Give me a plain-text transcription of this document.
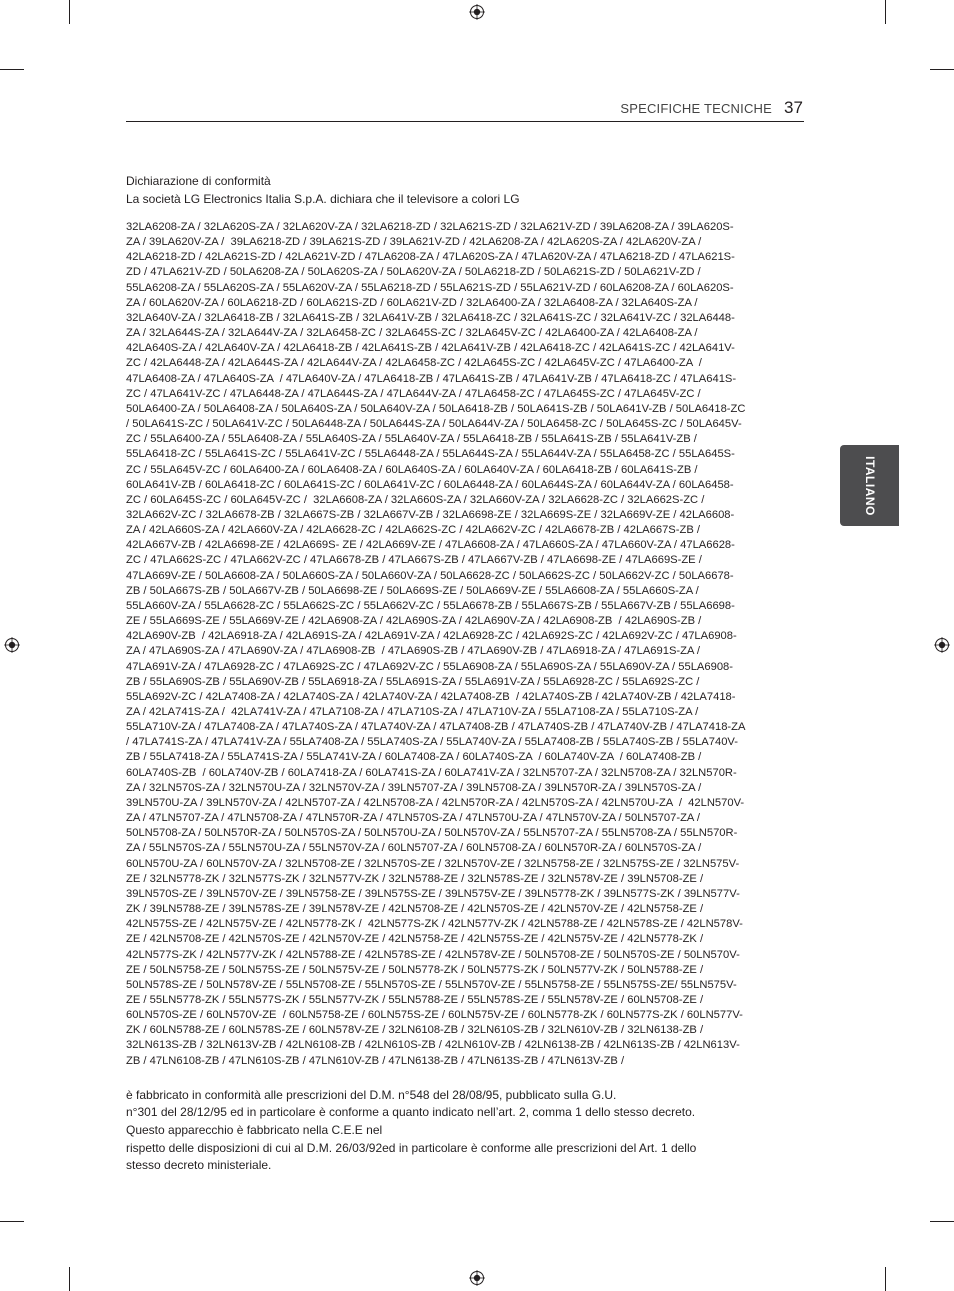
SPECIFICHE TECNICHE 37
ITALIANO
Dichiarazione di conformità
La società LG Electronics Italia S.p.A. dichiara che il televisore a colori LG
32LA6208-ZA / 32LA620S-ZA / 32LA620V-ZA / 32LA6218-ZD / 32LA621S-ZD / 32LA621V-ZD / 39LA6208-ZA / 39LA620S-
ZA / 39LA620V-ZA /  39LA6218-ZD / 39LA621S-ZD / 39LA621V-ZD / 42LA6208-ZA / 42LA620S-ZA / 42LA620V-ZA /
42LA6218-ZD / 42LA621S-ZD / 42LA621V-ZD / 47LA6208-ZA / 47LA620S-ZA / 47LA620V-ZA / 47LA6218-ZD / 47LA621S-
ZD / 47LA621V-ZD / 50LA6208-ZA / 50LA620S-ZA / 50LA620V-ZA / 50LA6218-ZD / 50LA621S-ZD / 50LA621V-ZD /
55LA6208-ZA / 55LA620S-ZA / 55LA620V-ZA / 55LA6218-ZD / 55LA621S-ZD / 55LA621V-ZD / 60LA6208-ZA / 60LA620S-
ZA / 60LA620V-ZA / 60LA6218-ZD / 60LA621S-ZD / 60LA621V-ZD / 32LA6400-ZA / 32LA6408-ZA / 32LA640S-ZA /
32LA640V-ZA / 32LA6418-ZB / 32LA641S-ZB / 32LA641V-ZB / 32LA6418-ZC / 32LA641S-ZC / 32LA641V-ZC / 32LA6448-
ZA / 32LA644S-ZA / 32LA644V-ZA / 32LA6458-ZC / 32LA645S-ZC / 32LA645V-ZC / 42LA6400-ZA / 42LA6408-ZA /
42LA640S-ZA / 42LA640V-ZA / 42LA6418-ZB / 42LA641S-ZB / 42LA641V-ZB / 42LA6418-ZC / 42LA641S-ZC / 42LA641V-
ZC / 42LA6448-ZA / 42LA644S-ZA / 42LA644V-ZA / 42LA6458-ZC / 42LA645S-ZC / 42LA645V-ZC / 47LA6400-ZA  /
47LA6408-ZA / 47LA640S-ZA  / 47LA640V-ZA / 47LA6418-ZB / 47LA641S-ZB / 47LA641V-ZB / 47LA6418-ZC / 47LA641S-
ZC / 47LA641V-ZC / 47LA6448-ZA / 47LA644S-ZA / 47LA644V-ZA / 47LA6458-ZC / 47LA645S-ZC / 47LA645V-ZC /
50LA6400-ZA / 50LA6408-ZA / 50LA640S-ZA / 50LA640V-ZA / 50LA6418-ZB / 50LA641S-ZB / 50LA641V-ZB / 50LA6418-ZC
/ 50LA641S-ZC / 50LA641V-ZC / 50LA6448-ZA / 50LA644S-ZA / 50LA644V-ZA / 50LA6458-ZC / 50LA645S-ZC / 50LA645V-
ZC / 55LA6400-ZA / 55LA6408-ZA / 55LA640S-ZA / 55LA640V-ZA / 55LA6418-ZB / 55LA641S-ZB / 55LA641V-ZB /
55LA6418-ZC / 55LA641S-ZC / 55LA641V-ZC / 55LA6448-ZA / 55LA644S-ZA / 55LA644V-ZA / 55LA6458-ZC / 55LA645S-
ZC / 55LA645V-ZC / 60LA6400-ZA / 60LA6408-ZA / 60LA640S-ZA / 60LA640V-ZA / 60LA6418-ZB / 60LA641S-ZB /
60LA641V-ZB / 60LA6418-ZC / 60LA641S-ZC / 60LA641V-ZC / 60LA6448-ZA / 60LA644S-ZA / 60LA644V-ZA / 60LA6458-
ZC / 60LA645S-ZC / 60LA645V-ZC /  32LA6608-ZA / 32LA660S-ZA / 32LA660V-ZA / 32LA6628-ZC / 32LA662S-ZC /
32LA662V-ZC / 32LA6678-ZB / 32LA667S-ZB / 32LA667V-ZB / 32LA6698-ZE / 32LA669S-ZE / 32LA669V-ZE / 42LA6608-
ZA / 42LA660S-ZA / 42LA660V-ZA / 42LA6628-ZC / 42LA662S-ZC / 42LA662V-ZC / 42LA6678-ZB / 42LA667S-ZB /
42LA667V-ZB / 42LA6698-ZE / 42LA669S- ZE / 42LA669V-ZE / 47LA6608-ZA / 47LA660S-ZA / 47LA660V-ZA / 47LA6628-
ZC / 47LA662S-ZC / 47LA662V-ZC / 47LA6678-ZB / 47LA667S-ZB / 47LA667V-ZB / 47LA6698-ZE / 47LA669S-ZE /
47LA669V-ZE / 50LA6608-ZA / 50LA660S-ZA / 50LA660V-ZA / 50LA6628-ZC / 50LA662S-ZC / 50LA662V-ZC / 50LA6678-
ZB / 50LA667S-ZB / 50LA667V-ZB / 50LA6698-ZE / 50LA669S-ZE / 50LA669V-ZE / 55LA6608-ZA / 55LA660S-ZA /
55LA660V-ZA / 55LA6628-ZC / 55LA662S-ZC / 55LA662V-ZC / 55LA6678-ZB / 55LA667S-ZB / 55LA667V-ZB / 55LA6698-
ZE / 55LA669S-ZE / 55LA669V-ZE / 42LA6908-ZA / 42LA690S-ZA / 42LA690V-ZA / 42LA6908-ZB  / 42LA690S-ZB /
42LA690V-ZB  / 42LA6918-ZA / 42LA691S-ZA / 42LA691V-ZA / 42LA6928-ZC / 42LA692S-ZC / 42LA692V-ZC / 47LA6908-
ZA / 47LA690S-ZA / 47LA690V-ZA / 47LA6908-ZB  / 47LA690S-ZB / 47LA690V-ZB / 47LA6918-ZA / 47LA691S-ZA /
47LA691V-ZA / 47LA6928-ZC / 47LA692S-ZC / 47LA692V-ZC / 55LA6908-ZA / 55LA690S-ZA / 55LA690V-ZA / 55LA6908-
ZB / 55LA690S-ZB / 55LA690V-ZB / 55LA6918-ZA / 55LA691S-ZA / 55LA691V-ZA / 55LA6928-ZC / 55LA692S-ZC /
55LA692V-ZC / 42LA7408-ZA / 42LA740S-ZA / 42LA740V-ZA / 42LA7408-ZB  / 42LA740S-ZB / 42LA740V-ZB / 42LA7418-
ZA / 42LA741S-ZA /  42LA741V-ZA / 47LA7108-ZA / 47LA710S-ZA / 47LA710V-ZA / 55LA7108-ZA / 55LA710S-ZA /
55LA710V-ZA / 47LA7408-ZA / 47LA740S-ZA / 47LA740V-ZA / 47LA7408-ZB / 47LA740S-ZB / 47LA740V-ZB / 47LA7418-ZA
/ 47LA741S-ZA / 47LA741V-ZA / 55LA7408-ZA / 55LA740S-ZA / 55LA740V-ZA / 55LA7408-ZB / 55LA740S-ZB / 55LA740V-
ZB / 55LA7418-ZA / 55LA741S-ZA / 55LA741V-ZA / 60LA7408-ZA / 60LA740S-ZA  / 60LA740V-ZA  / 60LA7408-ZB /
60LA740S-ZB  / 60LA740V-ZB / 60LA7418-ZA / 60LA741S-ZA / 60LA741V-ZA / 32LN5707-ZA / 32LN5708-ZA / 32LN570R-
ZA / 32LN570S-ZA / 32LN570U-ZA / 32LN570V-ZA / 39LN5707-ZA / 39LN5708-ZA / 39LN570R-ZA / 39LN570S-ZA /
39LN570U-ZA / 39LN570V-ZA / 42LN5707-ZA / 42LN5708-ZA / 42LN570R-ZA / 42LN570S-ZA / 42LN570U-ZA  /  42LN570V-
ZA / 47LN5707-ZA / 47LN5708-ZA / 47LN570R-ZA / 47LN570S-ZA / 47LN570U-ZA / 47LN570V-ZA / 50LN5707-ZA /
50LN5708-ZA / 50LN570R-ZA / 50LN570S-ZA / 50LN570U-ZA / 50LN570V-ZA / 55LN5707-ZA / 55LN5708-ZA / 55LN570R-
ZA / 55LN570S-ZA / 55LN570U-ZA / 55LN570V-ZA / 60LN5707-ZA / 60LN5708-ZA / 60LN570R-ZA / 60LN570S-ZA /
60LN570U-ZA / 60LN570V-ZA / 32LN5708-ZE / 32LN570S-ZE / 32LN570V-ZE / 32LN5758-ZE / 32LN575S-ZE / 32LN575V-
ZE / 32LN5778-ZK / 32LN577S-ZK / 32LN577V-ZK / 32LN5788-ZE / 32LN578S-ZE / 32LN578V-ZE / 39LN5708-ZE /
39LN570S-ZE / 39LN570V-ZE / 39LN5758-ZE / 39LN575S-ZE / 39LN575V-ZE / 39LN5778-ZK / 39LN577S-ZK / 39LN577V-
ZK / 39LN5788-ZE / 39LN578S-ZE / 39LN578V-ZE / 42LN5708-ZE / 42LN570S-ZE / 42LN570V-ZE / 42LN5758-ZE /
42LN575S-ZE / 42LN575V-ZE / 42LN5778-ZK /  42LN577S-ZK / 42LN577V-ZK / 42LN5788-ZE / 42LN578S-ZE / 42LN578V-
ZE / 42LN5708-ZE / 42LN570S-ZE / 42LN570V-ZE / 42LN5758-ZE / 42LN575S-ZE / 42LN575V-ZE / 42LN5778-ZK /
42LN577S-ZK / 42LN577V-ZK / 42LN5788-ZE / 42LN578S-ZE / 42LN578V-ZE / 50LN5708-ZE / 50LN570S-ZE / 50LN570V-
ZE / 50LN5758-ZE / 50LN575S-ZE / 50LN575V-ZE / 50LN5778-ZK / 50LN577S-ZK / 50LN577V-ZK / 50LN5788-ZE /
50LN578S-ZE / 50LN578V-ZE / 55LN5708-ZE / 55LN570S-ZE / 55LN570V-ZE / 55LN5758-ZE / 55LN575S-ZE/ 55LN575V-
ZE / 55LN5778-ZK / 55LN577S-ZK / 55LN577V-ZK / 55LN5788-ZE / 55LN578S-ZE / 55LN578V-ZE / 60LN5708-ZE /
60LN570S-ZE / 60LN570V-ZE  / 60LN5758-ZE / 60LN575S-ZE / 60LN575V-ZE / 60LN5778-ZK / 60LN577S-ZK / 60LN577V-
ZK / 60LN5788-ZE / 60LN578S-ZE / 60LN578V-ZE / 32LN6108-ZB / 32LN610S-ZB / 32LN610V-ZB / 32LN6138-ZB /
32LN613S-ZB / 32LN613V-ZB / 42LN6108-ZB / 42LN610S-ZB / 42LN610V-ZB / 42LN6138-ZB / 42LN613S-ZB / 42LN613V-
ZB / 47LN6108-ZB / 47LN610S-ZB / 47LN610V-ZB / 47LN6138-ZB / 47LN613S-ZB / 47LN613V-ZB /
è fabbricato in conformità alle prescrizioni del D.M. n°548 del 28/08/95, pubblicato sulla G.U.
n°301 del 28/12/95 ed in particolare è conforme a quanto indicato nell’art. 2, comma 1 dello stesso decreto.
Questo apparecchio è fabbricato nella C.E.E nel
rispetto delle disposizioni di cui al D.M. 26/03/92ed in particolare è conforme alle prescrizioni del Art. 1 dello
stesso decreto ministeriale.
